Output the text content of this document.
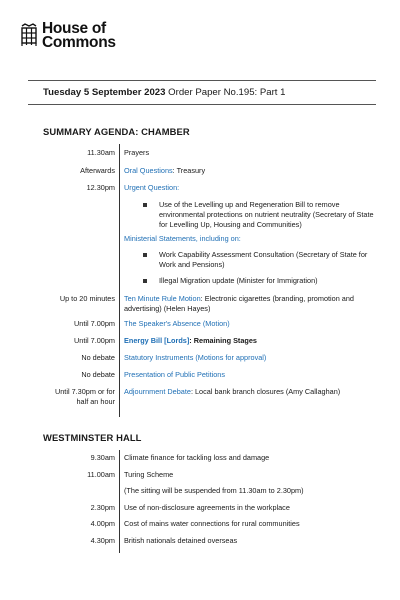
House of
Commons
Tuesday 5 September 2023 Order Paper No.195: Part 1
SUMMARY AGENDA: CHAMBER
11.30am Prayers
Afterwards Oral Questions: Treasury
12.30pm Urgent Question:
Use of the Levelling up and Regeneration Bill to remove environmental protections on nutrient neutrality (Secretary of State for Levelling Up, Housing and Communities)
Ministerial Statements, including on:
Work Capability Assessment Consultation (Secretary of State for Work and Pensions)
Illegal Migration update (Minister for Immigration)
Up to 20 minutes Ten Minute Rule Motion: Electronic cigarettes (branding, promotion and advertising) (Helen Hayes)
Until 7.00pm The Speaker's Absence (Motion)
Until 7.00pm Energy Bill [Lords]: Remaining Stages
No debate Statutory Instruments (Motions for approval)
No debate Presentation of Public Petitions
Until 7.30pm or for half an hour
Adjournment Debate: Local bank branch closures (Amy Callaghan)
WESTMINSTER HALL
9.30am Climate finance for tackling loss and damage
11.00am Turing Scheme
(The sitting will be suspended from 11.30am to 2.30pm)
2.30pm Use of non-disclosure agreements in the workplace
4.00pm Cost of mains water connections for rural communities
4.30pm British nationals detained overseas
